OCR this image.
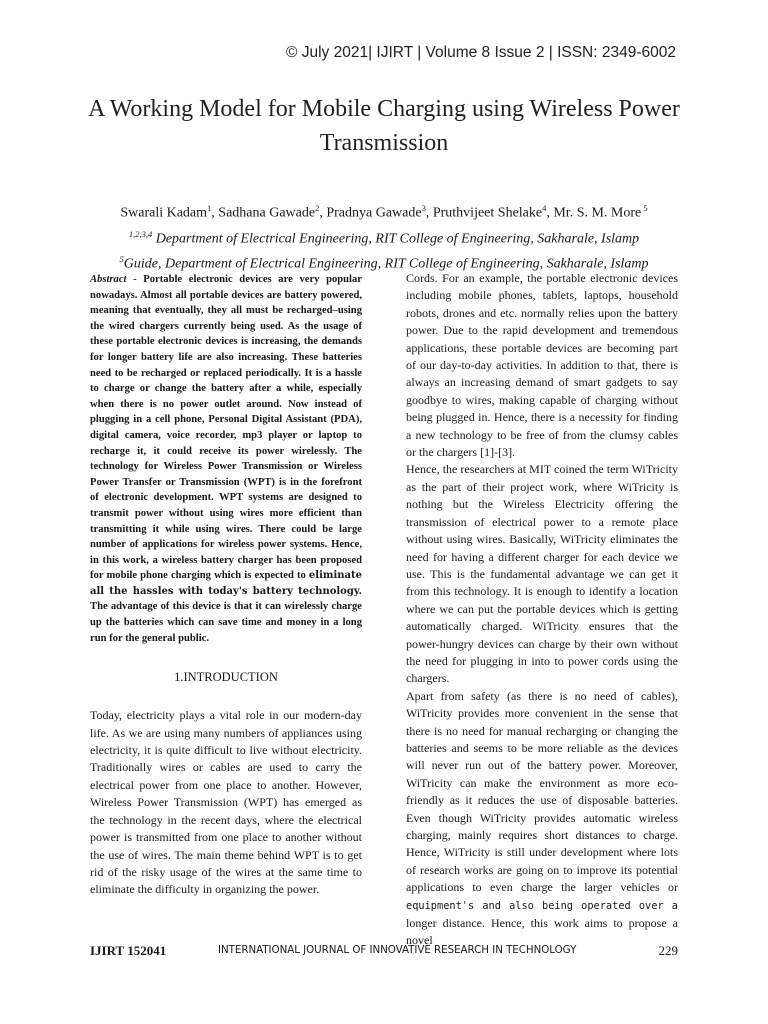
© July 2021| IJIRT | Volume 8 Issue 2 | ISSN: 2349-6002
A Working Model for Mobile Charging using Wireless Power Transmission
Swarali Kadam$^1$, Sadhana Gawade$^2$, Pradnya Gawade$^3$, Pruthvijeet Shelake$^4$, Mr. S. M. More $^5$
$^{1,2,3,4}$ Department of Electrical Engineering, RIT College of Engineering, Sakharale, Islamp
$^5$Guide, Department of Electrical Engineering, RIT College of Engineering, Sakharale, Islamp

Abstract - Portable electronic devices are very popular nowadays. Almost all portable devices are battery powered, meaning that eventually, they all must be recharged–using the wired chargers currently being used. As the usage of these portable electronic devices is increasing, the demands for longer battery life are also increasing. These batteries need to be recharged or replaced periodically. It is a hassle to charge or change the battery after a while, especially when there is no power outlet around. Now instead of plugging in a cell phone, Personal Digital Assistant (PDA), digital camera, voice recorder, mp3 player or laptop to recharge it, it could receive its power wirelessly. The technology for Wireless Power Transmission or Wireless Power Transfer or Transmission (WPT) is in the forefront of electronic development. WPT systems are designed to transmit power without using wires more efficient than transmitting it while using wires. There could be large number of applications for wireless power systems. Hence, in this work, a wireless battery charger has been proposed for mobile phone charging which is expected to eliminate all the hassles with today's battery technology. The advantage of this device is that it can wirelessly charge up the batteries which can save time and money in a long run for the general public.

1.INTRODUCTION

Today, electricity plays a vital role in our modern-day life. As we are using many numbers of appliances using electricity, it is quite difficult to live without electricity. Traditionally wires or cables are used to carry the electrical power from one place to another. However, Wireless Power Transmission (WPT) has emerged as the technology in the recent days, where the electrical power is transmitted from one place to another without the use of wires. The main theme behind WPT is to get rid of the risky usage of the wires at the same time to eliminate the difficulty in organizing the power.

Cords. For an example, the portable electronic devices including mobile phones, tablets, laptops, household robots, drones and etc. normally relies upon the battery power. Due to the rapid development and tremendous applications, these portable devices are becoming part of our day-to-day activities. In addition to that, there is always an increasing demand of smart gadgets to say goodbye to wires, making capable of charging without being plugged in. Hence, there is a necessity for finding a new technology to be free of from the clumsy cables or the chargers [1]-[3].

Hence, the researchers at MIT coined the term WiTricity as the part of their project work, where WiTricity is nothing but the Wireless Electricity offering the transmission of electrical power to a remote place without using wires. Basically, WiTricity eliminates the need for having a different charger for each device we use. This is the fundamental advantage we can get it from this technology. It is enough to identify a location where we can put the portable devices which is getting automatically charged. WiTricity ensures that the power-hungry devices can charge by their own without the need for plugging in into to power cords using the chargers.

Apart from safety (as there is no need of cables), WiTricity provides more convenient in the sense that there is no need for manual recharging or changing the batteries and seems to be more reliable as the devices will never run out of the battery power. Moreover, WiTricity can make the environment as more eco-friendly as it reduces the use of disposable batteries. Even though WiTricity provides automatic wireless charging, mainly requires short distances to charge. Hence, WiTricity is still under development where lots of research works are going on to improve its potential applications to even charge the larger vehicles or equipment's and also being operated over a longer distance. Hence, this work aims to propose a novel

IJIRT 152041	INTERNATIONAL JOURNAL OF INNOVATIVE RESEARCH IN TECHNOLOGY	229
